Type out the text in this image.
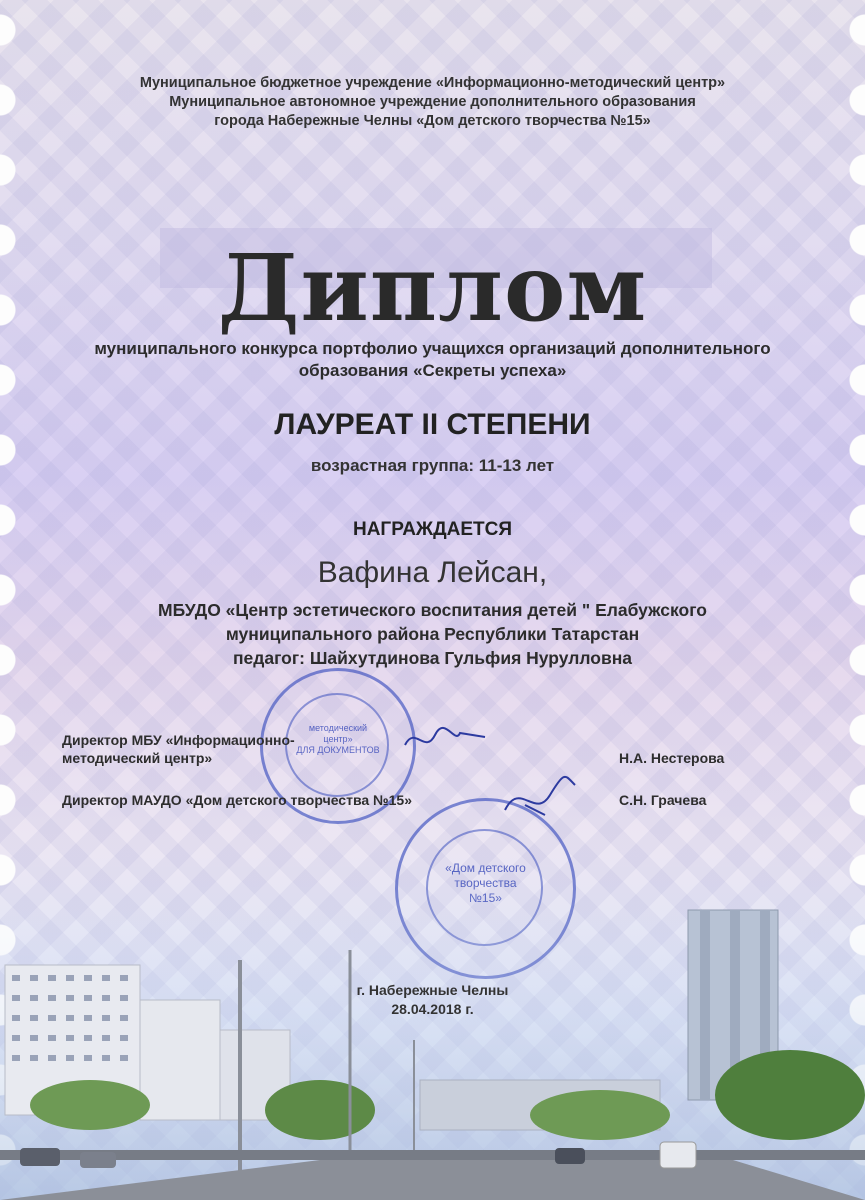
Муниципальное бюджетное учреждение «Информационно-методический центр»
Муниципальное автономное учреждение дополнительного образования
города Набережные Челны «Дом детского творчества №15»
Диплом
муниципального конкурса портфолио учащихся организаций дополнительного
образования «Секреты успеха»
ЛАУРЕАТ II СТЕПЕНИ
возрастная группа: 11-13 лет
НАГРАЖДАЕТСЯ
Вафина Лейсан,
МБУДО «Центр эстетического воспитания детей " Елабужского
муниципального района Республики Татарстан
педагог: Шайхутдинова Гульфия Нурулловна
методический
центр»
ДЛЯ ДОКУМЕНТОВ
«Дом детского
Директор МБУ «Информационно-
методический центр»	Н.А. Нестерова
Директор МАУДО «Дом детского творчества №15»	С.Н. Грачева
г. Набережные Челны
28.04.2018 г.
